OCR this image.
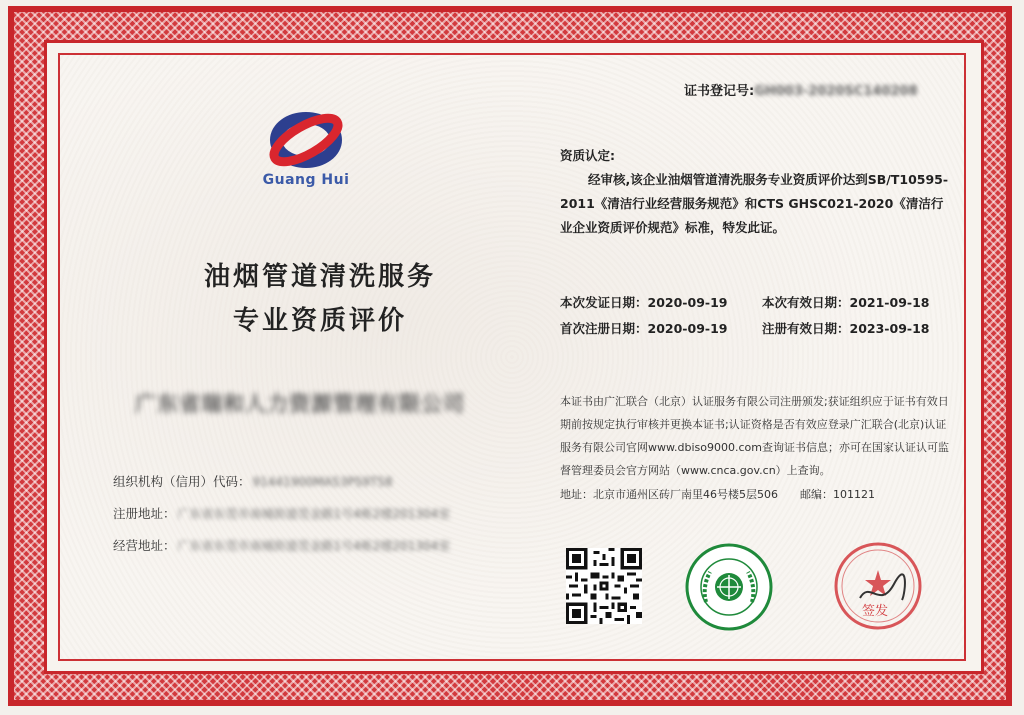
Guang Hui
油烟管道清洗服务
专业资质评价
广东省瑞和人力资源管理有限公司
组织机构（信用）代码： 91441900MA53PS9T58
注册地址： 广东省东莞市南城街道莞金路1号4栋2楼201304室
经营地址： 广东省东莞市南城街道莞金路1号4栋2楼201304室
证书登记号:GH003-2020SC140208
资质认定:
经审核,该企业油烟管道清洗服务专业资质评价达到SB/T10595-2011《清洁行业经营服务规范》和CTS GHSC021-2020《清洁行业企业资质评价规范》标准，特发此证。
本次发证日期：2020-09-19	本次有效日期：2021-09-18
首次注册日期：2020-09-19	注册有效日期：2023-09-18
本证书由广汇联合（北京）认证服务有限公司注册颁发;获证组织应于证书有效日期前按规定执行审核并更换本证书;认证资格是否有效应登录广汇联合(北京)认证服务有限公司官网www.dbiso9000.com查询证书信息；亦可在国家认证认可监督管理委员会官方网站（www.cnca.gov.cn）上查询。
地址：北京市通州区砖厂南里46号楼5层506 邮编：101121
签发
